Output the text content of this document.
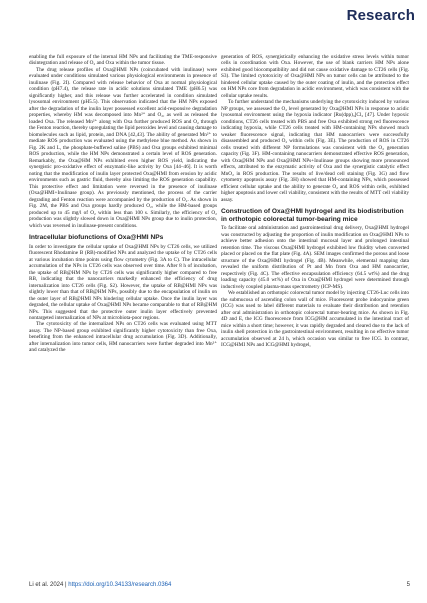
Research

enabling the full exposure of the internal HM NPs and facilitating the TME-responsive disintegration and release of O₂ and Oxa within the tumor tissue.

The drug release profiles of Oxa@HMI NPs (coincubated with inulinase) were evaluated under conditions simulated various physiological environments in presence of inulinase (Fig. 2I). Compared with release behavior of Oxa at normal physiological condition (pH7.4), the release rate in acidic solutions simulated TME (pH6.5) was significantly higher, and this release was further accelerated in condition simulated lysosomal environment (pH5.5). This observation indicated that the HM NPs exposed after the degradation of the inulin layer possessed excellent acid-responsive degradation properties, whereby HM was decomposed into Mn²⁺ and O₂, as well as released the loaded Oxa. The released Mn²⁺ along with Oxa further produced ROS and O₂ through the Fenton reaction, thereby upregulating the lipid peroxides level and causing damage to biomolecules such as lipid, protein, and DNA [42,43]. The ability of generated Mn²⁺ to mediate ROS production was evaluated using the methylene blue method. As shown in Fig. 2K and L, the phosphate-buffered saline (PBS) and Oxa groups exhibited minimal ROS production, while the HM NPs demonstrated a certain level of ROS generation. Remarkably, the Oxa@HM NPs exhibited even higher ROS yield, indicating the synergistic pro-oxidative effect of enzymatic-like activity by Oxa [44–46]. It is worth noting that the modification of inulin layer protected Oxa@HMI from erosion by acidic environments such as gastric fluid, thereby also limiting the ROS generation capability. This protective effect and limitation were reversed in the presence of inulinase (Oxa@HMI+Inulinase group). As previously mentioned, the process of the carrier degrading and Fenton reaction were accompanied by the production of O₂. As shown in Fig. 2M, the PBS and Oxa groups hardly produced O₂, while the HM-based groups produced up to 45 mg/l of O₂ within less than 100 s. Similarly, the efficiency of O₂ production was slightly slowed down in Oxa@HMI NPs group due to inulin protection, which was reversed in inulinase-present conditions.

Intracellular biofunctions of Oxa@HMI NPs

In order to investigate the cellular uptake of Oxa@HMI NPs by CT26 cells, we utilized fluorescent Rhodamine B (RB)-modified NPs and analyzed the uptake of by CT26 cells at various incubation time points using flow cytometry (Fig. 3A to C). The intracellular accumulation of the NPs in CT26 cells was observed over time. After 8 h of incubation, the uptake of RB@HM NPs by CT26 cells was significantly higher compared to free RB, indicating that the nanocarriers markedly enhanced the efficiency of drug internalization into CT26 cells (Fig. S2). However, the uptake of RB@HMI NPs was slightly lower than that of RB@HM NPs, possibly due to the encapsulation of inulin on the outer layer of RB@HMI NPs hindering cellular uptake. Once the inulin layer was degraded, the cellular uptake of Oxa@HMI NPs became comparable to that of RB@HM NPs. This suggested that the protective outer inulin layer effectively prevented nontargeted internalization of NPs at microbiota-poor regions.

The cytotoxicity of the internalized NPs on CT26 cells was evaluated using MTT assay. The NP-based group exhibited significantly higher cytotoxicity than free Oxa, benefiting from the enhanced intracellular drug accumulation (Fig. 3D). Additionally, after internalization into tumor cells, HM nanocarriers were further degraded into Mn²⁺ and catalyzed the

generation of ROS, synergistically enhancing the oxidative stress levels within tumor cells in coordination with Oxa. However, the use of blank carriers HM NPs alone exhibited good biocompatibility and did not cause oxidative damage to CT26 cells (Fig. S3). The limited cytotoxicity of Oxa@HMI NPs on tumor cells can be attributed to the hindered cellular uptake caused by the outer coating of inulin, and the protection effect on HM NPs core from degradation in acidic environment, which was consistent with the cellular uptake results.

To further understand the mechanisms underlying the cytotoxicity induced by various NP groups, we assessed the O₂ level generated by Oxa@HMI NPs in response to acidic lysosomal environment using the hypoxia indicator [Ru(dpp)₃]Cl₂ [47]. Under hypoxic conditions, CT26 cells treated with PBS and free Oxa exhibited strong red fluorescence indicating hypoxia, while CT26 cells treated with HM-containing NPs showed much weaker fluorescence signal, indicating that HM nanocarriers were successfully disassembled and produced O₂ within cells (Fig. 3E). The production of ROS in CT26 cells treated with different NP formulations was consistent with the O₂ generation capacity (Fig. 3F). HM-containing nanocarriers demonstrated effective ROS generation, with Oxa@HM NPs and Oxa@HMI NPs+Inulinase groups showing more pronounced effects, attributed to the enzymatic activity of Oxa and the synergistic catalytic effect MnO₂ in ROS production. The results of live/dead cell staining (Fig. 3G) and flow cytometry apoptosis assay (Fig. 3H) showed that HM-containing NPs, which possessed efficient cellular uptake and the ability to generate O₂ and ROS within cells, exhibited higher apoptosis and lower cell viability, consistent with the results of MTT cell viability assay.

Construction of Oxa@HMI hydrogel and its biodistribution in orthotopic colorectal tumor-bearing mice

To facilitate oral administration and gastrointestinal drug delivery, Oxa@HMI hydrogel was constructed by adjusting the proportion of inulin modification on Oxa@HMI NPs to achieve better adhesion onto the intestinal mucosal layer and prolonged intestinal retention time. The viscous Oxa@HMI hydrogel exhibited low fluidity when converted placed or placed on the flat plate (Fig. 4A). SEM images confirmed the porous and loose structure of the Oxa@HMI hydrogel (Fig. 4B). Meanwhile, elemental mapping data revealed the uniform distribution of Pt and Mn from Oxa and HM nanocarrier, respectively (Fig. 4C). The effective encapsulation efficiency (64.5 wt%) and the drug loading capacity (45.0 wt%) of Oxa in Oxa@HMI hydrogel were determined through inductively coupled plasma-mass spectrometry (ICP-MS).

We established an orthotopic colorectal tumor model by injecting CT26-Luc cells into the submucosa of ascending colon wall of mice. Fluorescent probe indocyanine green (ICG) was used to label different materials to evaluate their distribution and retention after oral administration in orthotopic colorectal tumor-bearing mice. As shown in Fig. 4D and E, the ICG fluorescence from ICG@HM accumulated in the intestinal tract of mice within a short time; however, it was rapidly degraded and cleared due to the lack of inulin shell protection in the gastrointestinal environment, resulting in no effective tumor accumulation observed at 24 h, which occasion was similar to free ICG. In contrast, ICG@HMI NPs and ICG@HMI hydrogel,

Li et al. 2024 | https://doi.org/10.34133/research.0364	5
